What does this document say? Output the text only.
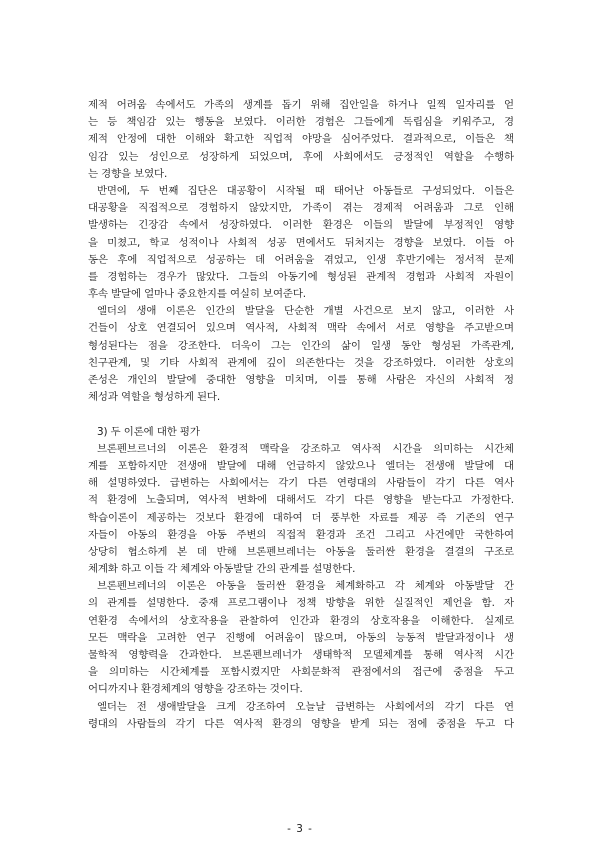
제적 어려움 속에서도 가족의 생계를 돕기 위해 집안일을 하거나 일찍 일자리를 얻
는 등 책임감 있는 행동을 보였다. 이러한 경험은 그들에게 독립심을 키워주고, 경
제적 안정에 대한 이해와 확고한 직업적 야망을 심어주었다. 결과적으로, 이들은 책
임감 있는 성인으로 성장하게 되었으며, 후에 사회에서도 긍정적인 역할을 수행하
는 경향을 보였다.
반면에, 두 번째 집단은 대공황이 시작될 때 태어난 아동들로 구성되었다. 이들은
대공황을 직접적으로 경험하지 않았지만, 가족이 겪는 경제적 어려움과 그로 인해
발생하는 긴장감 속에서 성장하였다. 이러한 환경은 이들의 발달에 부정적인 영향
을 미쳤고, 학교 성적이나 사회적 성공 면에서도 뒤처지는 경향을 보였다. 이들 아
동은 후에 직업적으로 성공하는 데 어려움을 겪었고, 인생 후반기에는 정서적 문제
를 경험하는 경우가 많았다. 그들의 아동기에 형성된 관계적 경험과 사회적 자원이
후속 발달에 얼마나 중요한지를 여실히 보여준다.
엘더의 생애 이론은 인간의 발달을 단순한 개별 사건으로 보지 않고, 이러한 사
건들이 상호 연결되어 있으며 역사적, 사회적 맥락 속에서 서로 영향을 주고받으며
형성된다는 점을 강조한다. 더욱이 그는 인간의 삶이 일생 동안 형성된 가족관계,
친구관계, 및 기타 사회적 관계에 깊이 의존한다는 것을 강조하였다. 이러한 상호의
존성은 개인의 발달에 중대한 영향을 미치며, 이를 통해 사람은 자신의 사회적 정
체성과 역할을 형성하게 된다.
3) 두 이론에 대한 평가
브론펜브르너의 이론은 환경적 맥락을 강조하고 역사적 시간을 의미하는 시간체
계를 포함하지만 전생애 발달에 대해 언급하지 않았으나 엘더는 전생애 발달에 대
해 설명하였다. 급변하는 사회에서는 각기 다른 연령대의 사람들이 각기 다른 역사
적 환경에 노출되며, 역사적 변화에 대해서도 각기 다른 영향을 받는다고 가정한다.
학습이론이 제공하는 것보다 환경에 대하여 더 풍부한 자료를 제공 즉 기존의 연구
자들이 아동의 환경을 아동 주변의 직접적 환경과 조건 그리고 사건에만 국한하여
상당히 협소하게 본 데 반해 브론펜브레너는 아동을 둘러싼 환경을 결결의 구조로
체계화 하고 이들 각 체계와 아동발달 간의 관계를 설명한다.
브론펜브레너의 이론은 아동을 둘러싼 환경을 체계화하고 각 체계와 아동발달 간
의 관계를 설명한다. 중재 프로그램이나 정책 방향을 위한 실질적인 제언을 함. 자
연환경 속에서의 상호작용을 관찰하여 인간과 환경의 상호작용을 이해한다. 실제로
모든 맥락을 고려한 연구 진행에 어려움이 많으며, 아동의 능동적 발달과정이나 생
물학적 영향력을 간과한다. 브론펜브레너가 생태학적 모델체계를 통해 역사적 시간
을 의미하는 시간체계를 포함시켰지만 사회문화적 관점에서의 접근에 중점을 두고
어디까지나 환경체계의 영향을 강조하는 것이다.
엘더는 전 생애발달을 크게 강조하여 오늘날 급변하는 사회에서의 각기 다른 연
령대의 사람들의 각기 다른 역사적 환경의 영향을 받게 되는 점에 중점을 두고 다
- 3 -
